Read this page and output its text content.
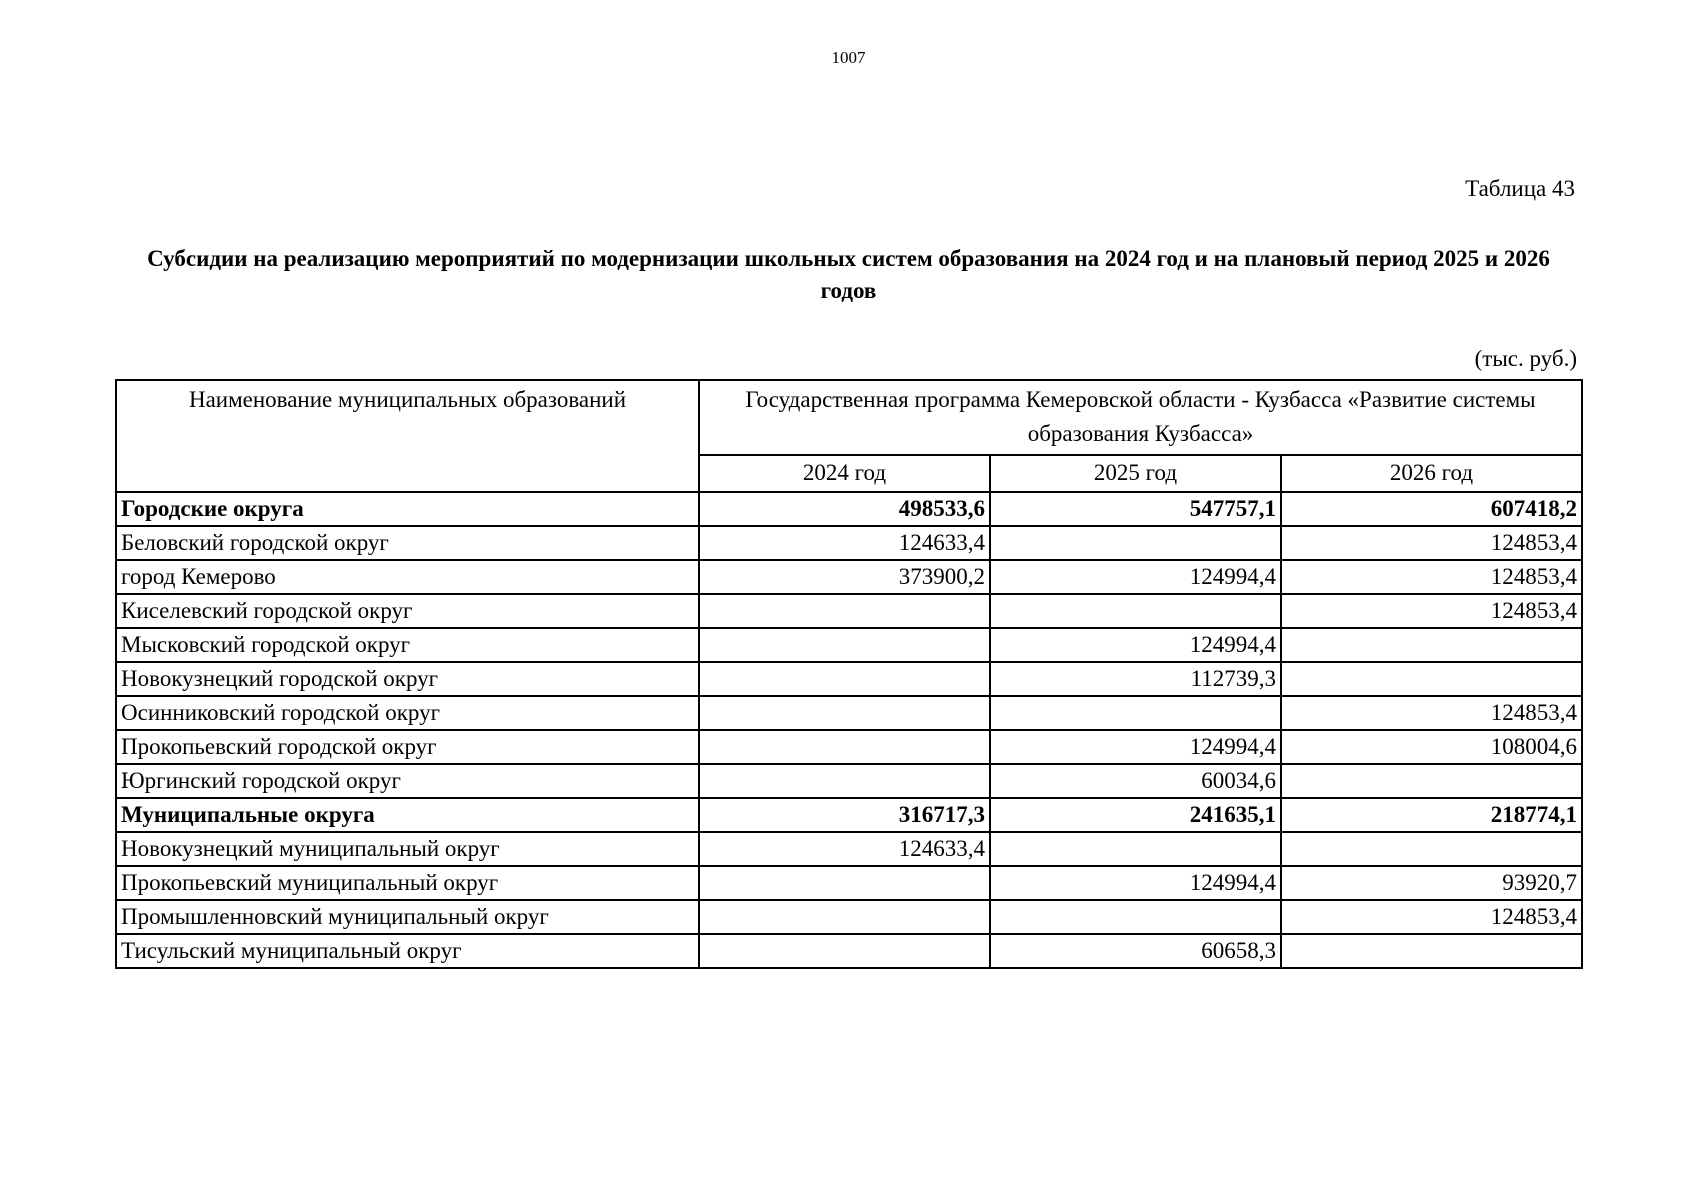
1007
Таблица 43
Субсидии на реализацию мероприятий по модернизации школьных систем образования на 2024 год и на плановый период 2025 и 2026 годов
(тыс. руб.)
Наименование муниципальных образований	Государственная программа Кемеровской области - Кузбасса «Развитие системы образования Кузбасса»		
	2024 год	2025 год	2026 год
Городские округа	498533,6	547757,1	607418,2
Беловский городской округ	124633,4		124853,4
город Кемерово	373900,2	124994,4	124853,4
Киселевский городской округ			124853,4
Мысковский городской округ		124994,4	
Новокузнецкий городской округ		112739,3	
Осинниковский городской округ			124853,4
Прокопьевский городской округ		124994,4	108004,6
Юргинский городской округ		60034,6	
Муниципальные округа	316717,3	241635,1	218774,1
Новокузнецкий муниципальный округ	124633,4		
Прокопьевский муниципальный округ		124994,4	93920,7
Промышленновский муниципальный округ			124853,4
Тисульский муниципальный округ		60658,3	
